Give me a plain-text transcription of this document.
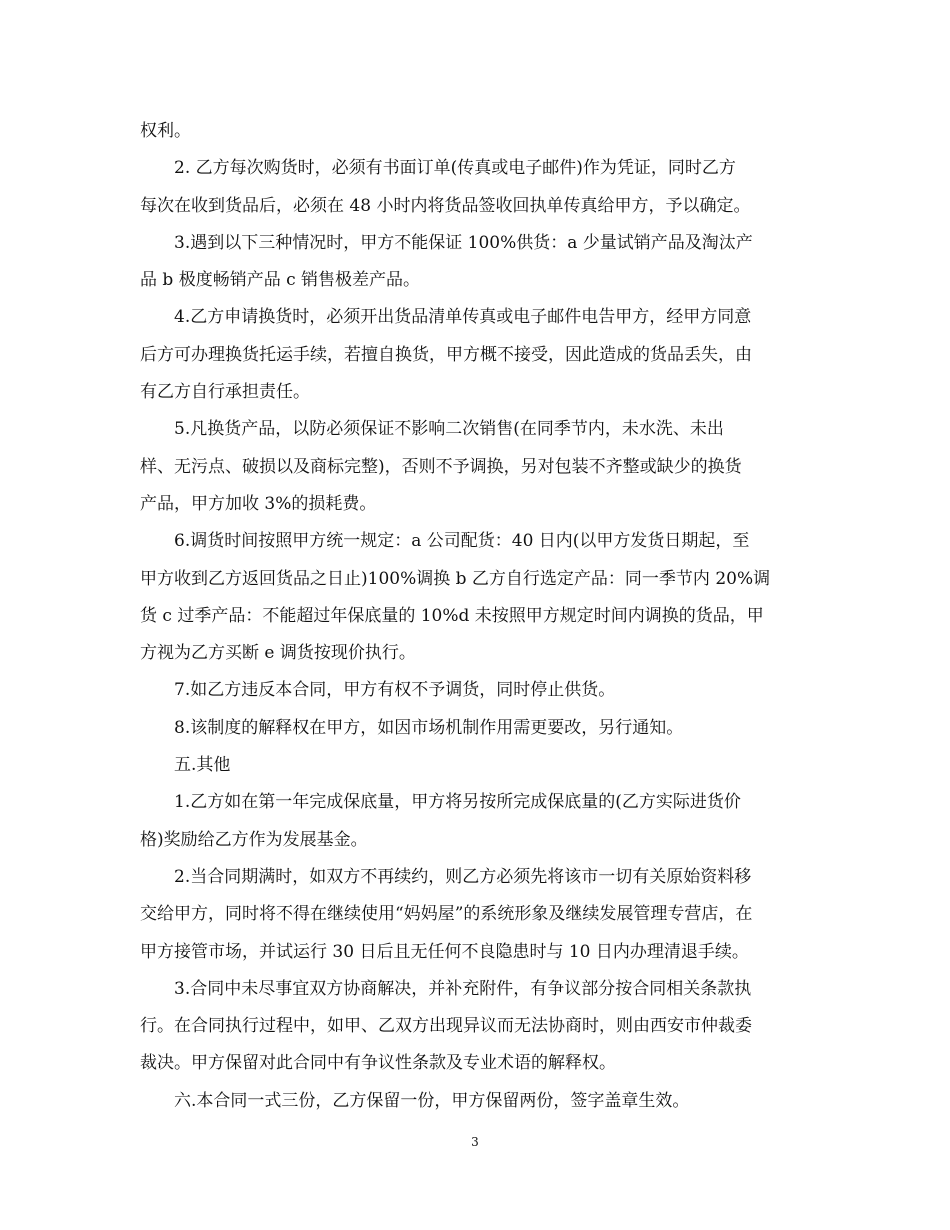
权利。
2. 乙方每次购货时，必须有书面订单(传真或电子邮件)作为凭证，同时乙方
每次在收到货品后，必须在 48 小时内将货品签收回执单传真给甲方，予以确定。
3.遇到以下三种情况时，甲方不能保证 100%供货：a 少量试销产品及淘汰产
品 b 极度畅销产品 c 销售极差产品。
4.乙方申请换货时，必须开出货品清单传真或电子邮件电告甲方，经甲方同意
后方可办理换货托运手续，若擅自换货，甲方概不接受，因此造成的货品丢失，由
有乙方自行承担责任。
5.凡换货产品，以防必须保证不影响二次销售(在同季节内，未水洗、未出
样、无污点、破损以及商标完整)，否则不予调换，另对包装不齐整或缺少的换货
产品，甲方加收 3%的损耗费。
6.调货时间按照甲方统一规定：a 公司配货：40 日内(以甲方发货日期起，至
甲方收到乙方返回货品之日止)100%调换 b 乙方自行选定产品：同一季节内 20%调
货 c 过季产品：不能超过年保底量的 10%d 未按照甲方规定时间内调换的货品，甲
方视为乙方买断 e 调货按现价执行。
7.如乙方违反本合同，甲方有权不予调货，同时停止供货。
8.该制度的解释权在甲方，如因市场机制作用需更要改，另行通知。
五.其他
1.乙方如在第一年完成保底量，甲方将另按所完成保底量的(乙方实际进货价
格)奖励给乙方作为发展基金。
2.当合同期满时，如双方不再续约，则乙方必须先将该市一切有关原始资料移
交给甲方，同时将不得在继续使用“妈妈屋”的系统形象及继续发展管理专营店，在
甲方接管市场，并试运行 30 日后且无任何不良隐患时与 10 日内办理清退手续。
3.合同中未尽事宜双方协商解决，并补充附件，有争议部分按合同相关条款执
行。在合同执行过程中，如甲、乙双方出现异议而无法协商时，则由西安市仲裁委
裁决。甲方保留对此合同中有争议性条款及专业术语的解释权。
六.本合同一式三份，乙方保留一份，甲方保留两份，签字盖章生效。
3
